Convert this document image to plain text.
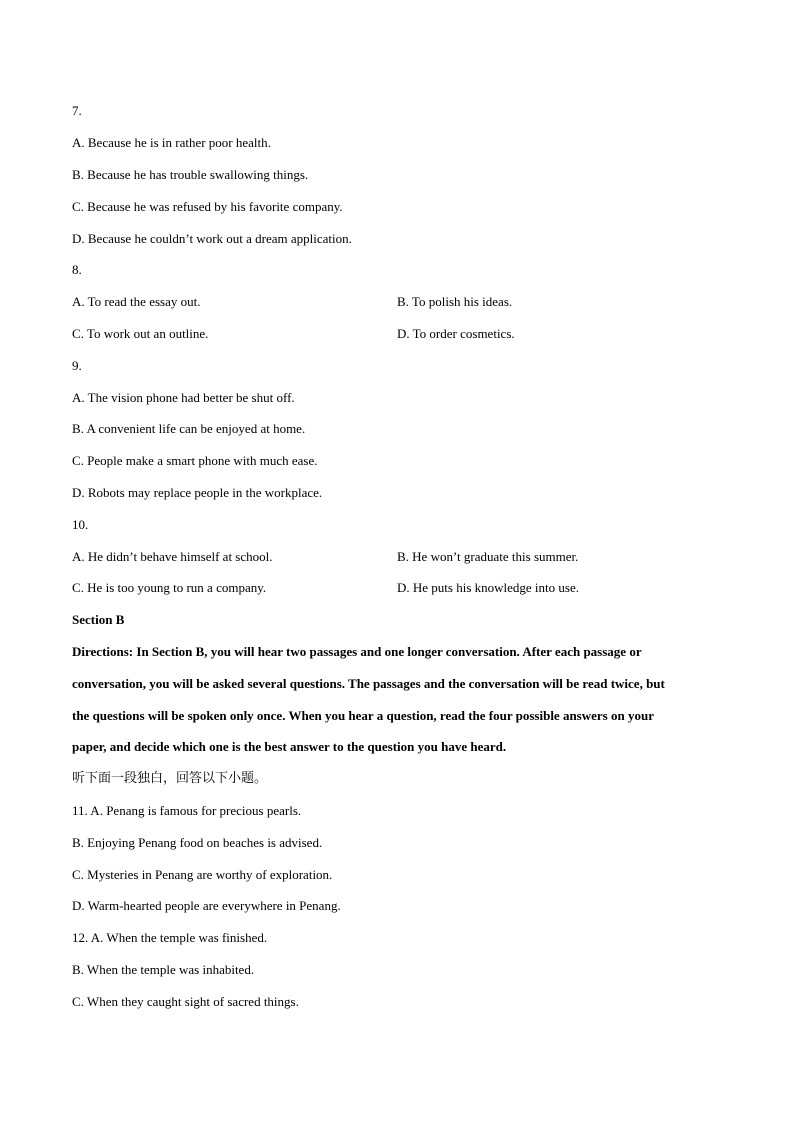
7.
A. Because he is in rather poor health.
B. Because he has trouble swallowing things.
C. Because he was refused by his favorite company.
D. Because he couldn’t work out a dream application.
8.
A. To read the essay out.	B. To polish his ideas.
C. To work out an outline.	D. To order cosmetics.
9.
A. The vision phone had better be shut off.
B. A convenient life can be enjoyed at home.
C. People make a smart phone with much ease.
D. Robots may replace people in the workplace.
10.
A. He didn’t behave himself at school.	B. He won’t graduate this summer.
C. He is too young to run a company.	D. He puts his knowledge into use.
Section B
Directions: In Section B, you will hear two passages and one longer conversation. After each passage or
conversation, you will be asked several questions. The passages and the conversation will be read twice, but
the questions will be spoken only once. When you hear a question, read the four possible answers on your
paper, and decide which one is the best answer to the question you have heard.
听下面一段独白，回答以下小题。
11. A. Penang is famous for precious pearls.
B. Enjoying Penang food on beaches is advised.
C. Mysteries in Penang are worthy of exploration.
D. Warm-hearted people are everywhere in Penang.
12. A. When the temple was finished.
B. When the temple was inhabited.
C. When they caught sight of sacred things.
